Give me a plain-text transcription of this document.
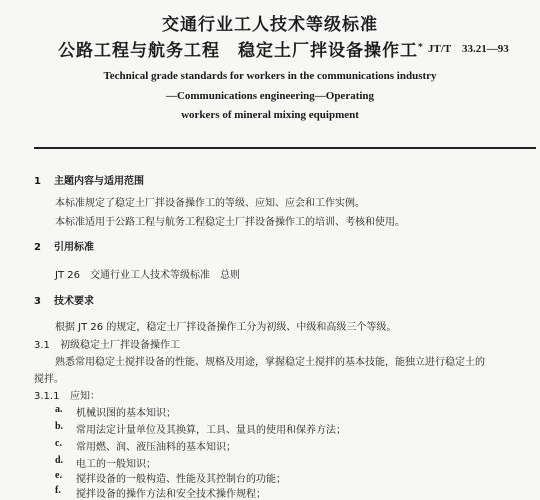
交通行业工人技术等级标准
公路工程与航务工程　稳定土厂拌设备操作工* JT/T　33.21—93
Technical grade standards for workers in the communications industry
—Communications engineering—Operating
workers of mineral mixing equipment
1 主题内容与适用范围
本标准规定了稳定土厂拌设备操作工的等级、应知、应会和工作实例。
本标准适用于公路工程与航务工程稳定土厂拌设备操作工的培训、考核和使用。
2 引用标准
JT 26　交通行业工人技术等级标准　总则
3 技术要求
根据 JT 26 的规定，稳定土厂拌设备操作工分为初级、中级和高级三个等级。
3.1 初级稳定土厂拌设备操作工
熟悉常用稳定土搅拌设备的性能、规格及用途，掌握稳定土搅拌的基本技能，能独立进行稳定土的
搅拌。
3.1.1 应知：
a. 机械识图的基本知识；
b. 常用法定计量单位及其换算，工具、量具的使用和保养方法；
c. 常用燃、润、液压油料的基本知识；
d. 电工的一般知识；
e. 搅拌设备的一般构造、性能及其控制台的功能；
f. 搅拌设备的操作方法和安全技术操作规程；
